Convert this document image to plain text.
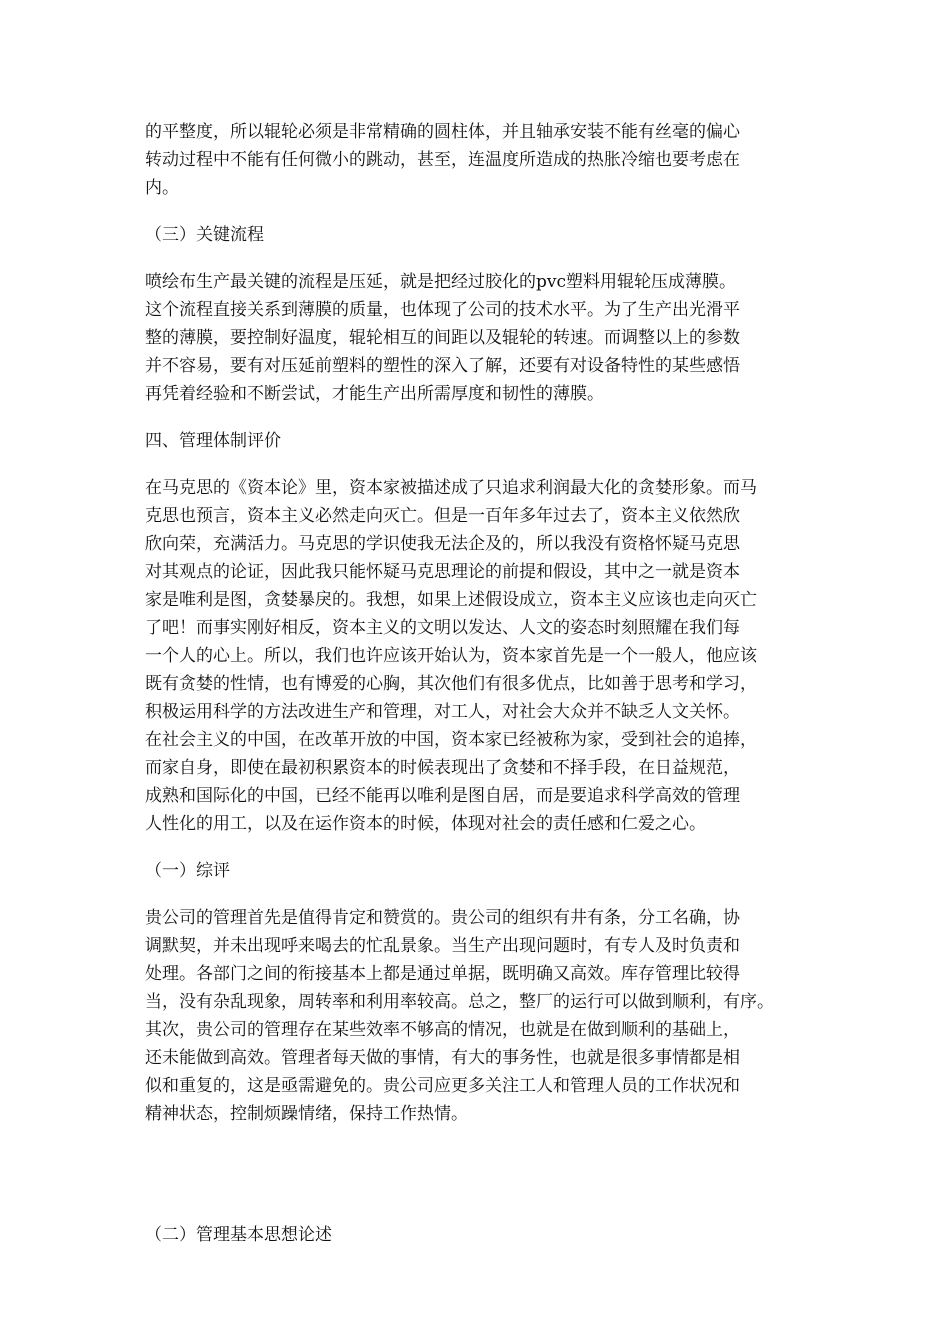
的平整度，所以辊轮必须是非常精确的圆柱体，并且轴承安装不能有丝毫的偏心
转动过程中不能有任何微小的跳动，甚至，连温度所造成的热胀冷缩也要考虑在
内。

（三）关键流程

喷绘布生产最关键的流程是压延，就是把经过胶化的pvc塑料用辊轮压成薄膜。
这个流程直接关系到薄膜的质量，也体现了公司的技术水平。为了生产出光滑平
整的薄膜，要控制好温度，辊轮相互的间距以及辊轮的转速。而调整以上的参数
并不容易，要有对压延前塑料的塑性的深入了解，还要有对设备特性的某些感悟
再凭着经验和不断尝试，才能生产出所需厚度和韧性的薄膜。

四、管理体制评价

在马克思的《资本论》里，资本家被描述成了只追求利润最大化的贪婪形象。而马
克思也预言，资本主义必然走向灭亡。但是一百年多年过去了，资本主义依然欣
欣向荣，充满活力。马克思的学识使我无法企及的，所以我没有资格怀疑马克思
对其观点的论证，因此我只能怀疑马克思理论的前提和假设，其中之一就是资本
家是唯利是图，贪婪暴戾的。我想，如果上述假设成立，资本主义应该也走向灭亡
了吧！而事实刚好相反，资本主义的文明以发达、人文的姿态时刻照耀在我们每
一个人的心上。所以，我们也许应该开始认为，资本家首先是一个一般人，他应该
既有贪婪的性情，也有博爱的心胸，其次他们有很多优点，比如善于思考和学习，
积极运用科学的方法改进生产和管理，对工人，对社会大众并不缺乏人文关怀。
在社会主义的中国，在改革开放的中国，资本家已经被称为家，受到社会的追捧，
而家自身，即使在最初积累资本的时候表现出了贪婪和不择手段，在日益规范，
成熟和国际化的中国，已经不能再以唯利是图自居，而是要追求科学高效的管理
人性化的用工，以及在运作资本的时候，体现对社会的责任感和仁爱之心。

（一）综评

贵公司的管理首先是值得肯定和赞赏的。贵公司的组织有井有条，分工名确，协
调默契，并未出现呼来喝去的忙乱景象。当生产出现问题时，有专人及时负责和
处理。各部门之间的衔接基本上都是通过单据，既明确又高效。库存管理比较得
当，没有杂乱现象，周转率和利用率较高。总之，整厂的运行可以做到顺利，有序。
其次，贵公司的管理存在某些效率不够高的情况，也就是在做到顺利的基础上，
还未能做到高效。管理者每天做的事情，有大的事务性，也就是很多事情都是相
似和重复的，这是亟需避免的。贵公司应更多关注工人和管理人员的工作状况和
精神状态，控制烦躁情绪，保持工作热情。

（二）管理基本思想论述
